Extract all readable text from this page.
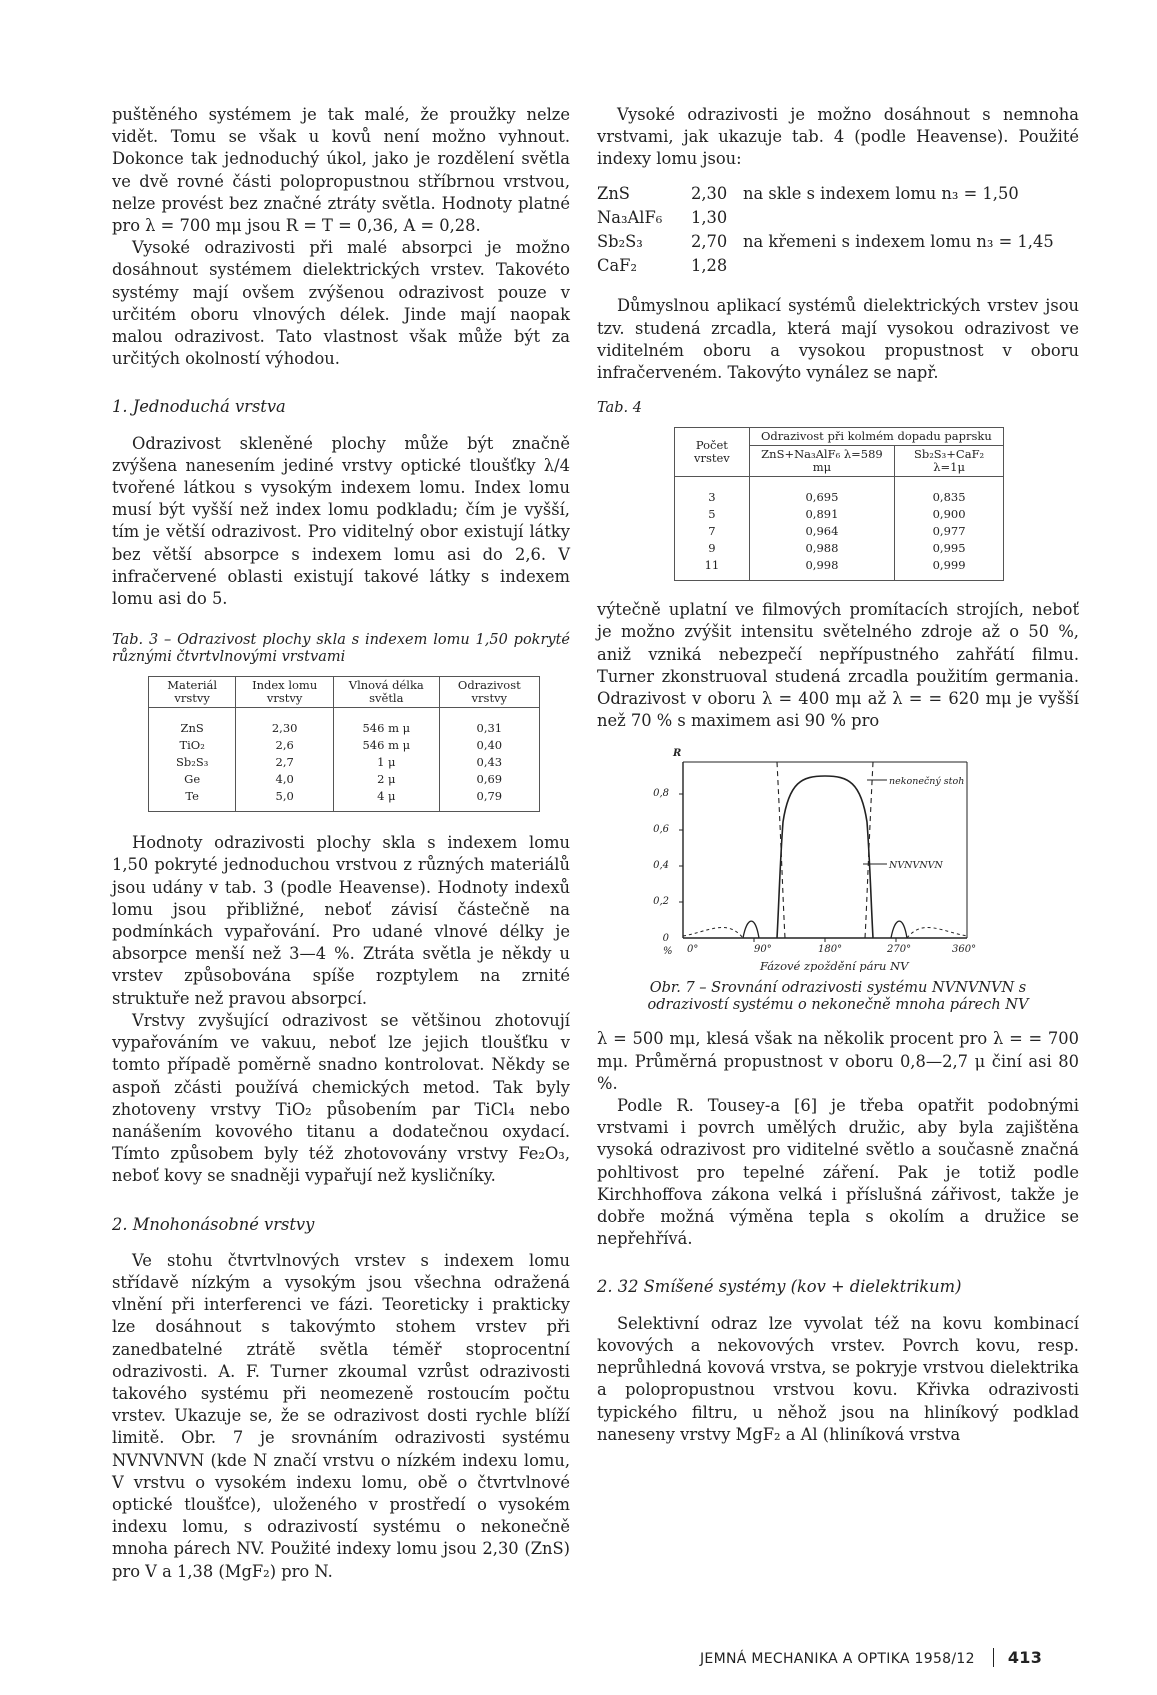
puštěného systémem je tak malé, že proužky nelze vidět. Tomu se však u kovů není možno vyhnout. Dokonce tak jednoduchý úkol, jako je rozdělení světla ve dvě rovné části polopropustnou stříbrnou vrstvou, nelze provést bez značné ztráty světla. Hodnoty platné pro λ = 700 mμ jsou R = T = 0,36, A = 0,28.

Vysoké odrazivosti při malé absorpci je možno dosáhnout systémem dielektrických vrstev. Takovéto systémy mají ovšem zvýšenou odrazivost pouze v určitém oboru vlnových délek. Jinde mají naopak malou odrazivost. Tato vlastnost však může být za určitých okolností výhodou.

1. Jednoduchá vrstva

Odrazivost skleněné plochy může být značně zvýšena nanesením jediné vrstvy optické tloušťky λ/4 tvořené látkou s vysokým indexem lomu. Index lomu musí být vyšší než index lomu podkladu; čím je vyšší, tím je větší odrazivost. Pro viditelný obor existují látky bez větší absorpce s indexem lomu asi do 2,6. V infračervené oblasti existují takové látky s indexem lomu asi do 5.

Tab. 3 – Odrazivost plochy skla s indexem lomu 1,50 pokryté různými čtvrtvlnovými vrstvami

Materiál vrstvy	Index lomu vrstvy	Vlnová délka světla	Odrazivost vrstvy
ZnS	2,30	546 m μ	0,31
TiO₂	2,6	546 m μ	0,40
Sb₂S₃	2,7	1 μ	0,43
Ge	4,0	2 μ	0,69
Te	5,0	4 μ	0,79

Hodnoty odrazivosti plochy skla s indexem lomu 1,50 pokryté jednoduchou vrstvou z různých materiálů jsou udány v tab. 3 (podle Heavense). Hodnoty indexů lomu jsou přibližné, neboť závisí částečně na podmínkách vypařování. Pro udané vlnové délky je absorpce menší než 3—4 %. Ztráta světla je někdy u vrstev způsobována spíše rozptylem na zrnité struktuře než pravou absorpcí.

Vrstvy zvyšující odrazivost se většinou zhotovují vypařováním ve vakuu, neboť lze jejich tloušťku v tomto případě poměrně snadno kontrolovat. Někdy se aspoň zčásti používá chemických metod. Tak byly zhotoveny vrstvy TiO₂ působením par TiCl₄ nebo nanášením kovového titanu a dodatečnou oxydací. Tímto způsobem byly též zhotovovány vrstvy Fe₂O₃, neboť kovy se snadněji vypařují než kysličníky.

2. Mnohonásobné vrstvy

Ve stohu čtvrtvlnových vrstev s indexem lomu střídavě nízkým a vysokým jsou všechna odražená vlnění při interferenci ve fázi. Teoreticky i prakticky lze dosáhnout s takovýmto stohem vrstev při zanedbatelné ztrátě světla téměř stoprocentní odrazivosti. A. F. Turner zkoumal vzrůst odrazivosti takového systému při neomezeně rostoucím počtu vrstev. Ukazuje se, že se odrazivost dosti rychle blíží limitě. Obr. 7 je srovnáním odrazivosti systému NVNVNVN (kde N značí vrstvu o nízkém indexu lomu, V vrstvu o vysokém indexu lomu, obě o čtvrtvlnové optické tloušťce), uloženého v prostředí o vysokém indexu lomu, s odrazivostí systému o nekonečně mnoha párech NV. Použité indexy lomu jsou 2,30 (ZnS) pro V a 1,38 (MgF₂) pro N.

Vysoké odrazivosti je možno dosáhnout s nemnoha vrstvami, jak ukazuje tab. 4 (podle Heavense). Použité indexy lomu jsou:

ZnS	2,30 na skle s indexem lomu n₃ = 1,50
Na₃AlF₆	1,30
Sb₂S₃	2,70 na křemeni s indexem lomu n₃ = 1,45
CaF₂	1,28

Důmyslnou aplikací systémů dielektrických vrstev jsou tzv. studená zrcadla, která mají vysokou odrazivost ve viditelném oboru a vysokou propustnost v oboru infračerveném. Takovýto vynález se např.

Tab. 4

Počet vrstev	Odrazivost při kolmém dopadu paprsku	
	ZnS+Na₃AlF₆ λ=589 mμ	Sb₂S₃+CaF₂ λ=1μ
3	0,695	0,835
5	0,891	0,900
7	0,964	0,977
9	0,988	0,995
11	0,998	0,999

výtečně uplatní ve filmových promítacích strojích, neboť je možno zvýšit intensitu světelného zdroje až o 50 %, aniž vzniká nebezpečí nepřípustného zahřátí filmu. Turner zkonstruoval studená zrcadla použitím germania. Odrazivost v oboru λ = 400 mμ až λ = = 620 mμ je vyšší než 70 % s maximem asi 90 % pro

R
0
0,2
0,4
0,6
0,8
% 0°	90°	180°	270°	360°
Fázové zpoždění páru NV
nekonečný stoh
NVNVNVN

Obr. 7 – Srovnání odrazivosti systému NVNVNVN s odrazivostí systému o nekonečně mnoha párech NV

λ = 500 mμ, klesá však na několik procent pro λ = = 700 mμ. Průměrná propustnost v oboru 0,8—2,7 μ činí asi 80 %.

Podle R. Tousey-a [6] je třeba opatřit podobnými vrstvami i povrch umělých družic, aby byla zajištěna vysoká odrazivost pro viditelné světlo a současně značná pohltivost pro tepelné záření. Pak je totiž podle Kirchhoffova zákona velká i příslušná zářivost, takže je dobře možná výměna tepla s okolím a družice se nepřehřívá.

2. 32 Smíšené systémy (kov + dielektrikum)

Selektivní odraz lze vyvolat též na kovu kombinací kovových a nekovových vrstev. Povrch kovu, resp. neprůhledná kovová vrstva, se pokryje vrstvou dielektrika a polopropustnou vrstvou kovu. Křivka odrazivosti typického filtru, u něhož jsou na hliníkový podklad naneseny vrstvy MgF₂ a Al (hliníková vrstva

JEMNÁ MECHANIKA A OPTIKA 1958/12 413
